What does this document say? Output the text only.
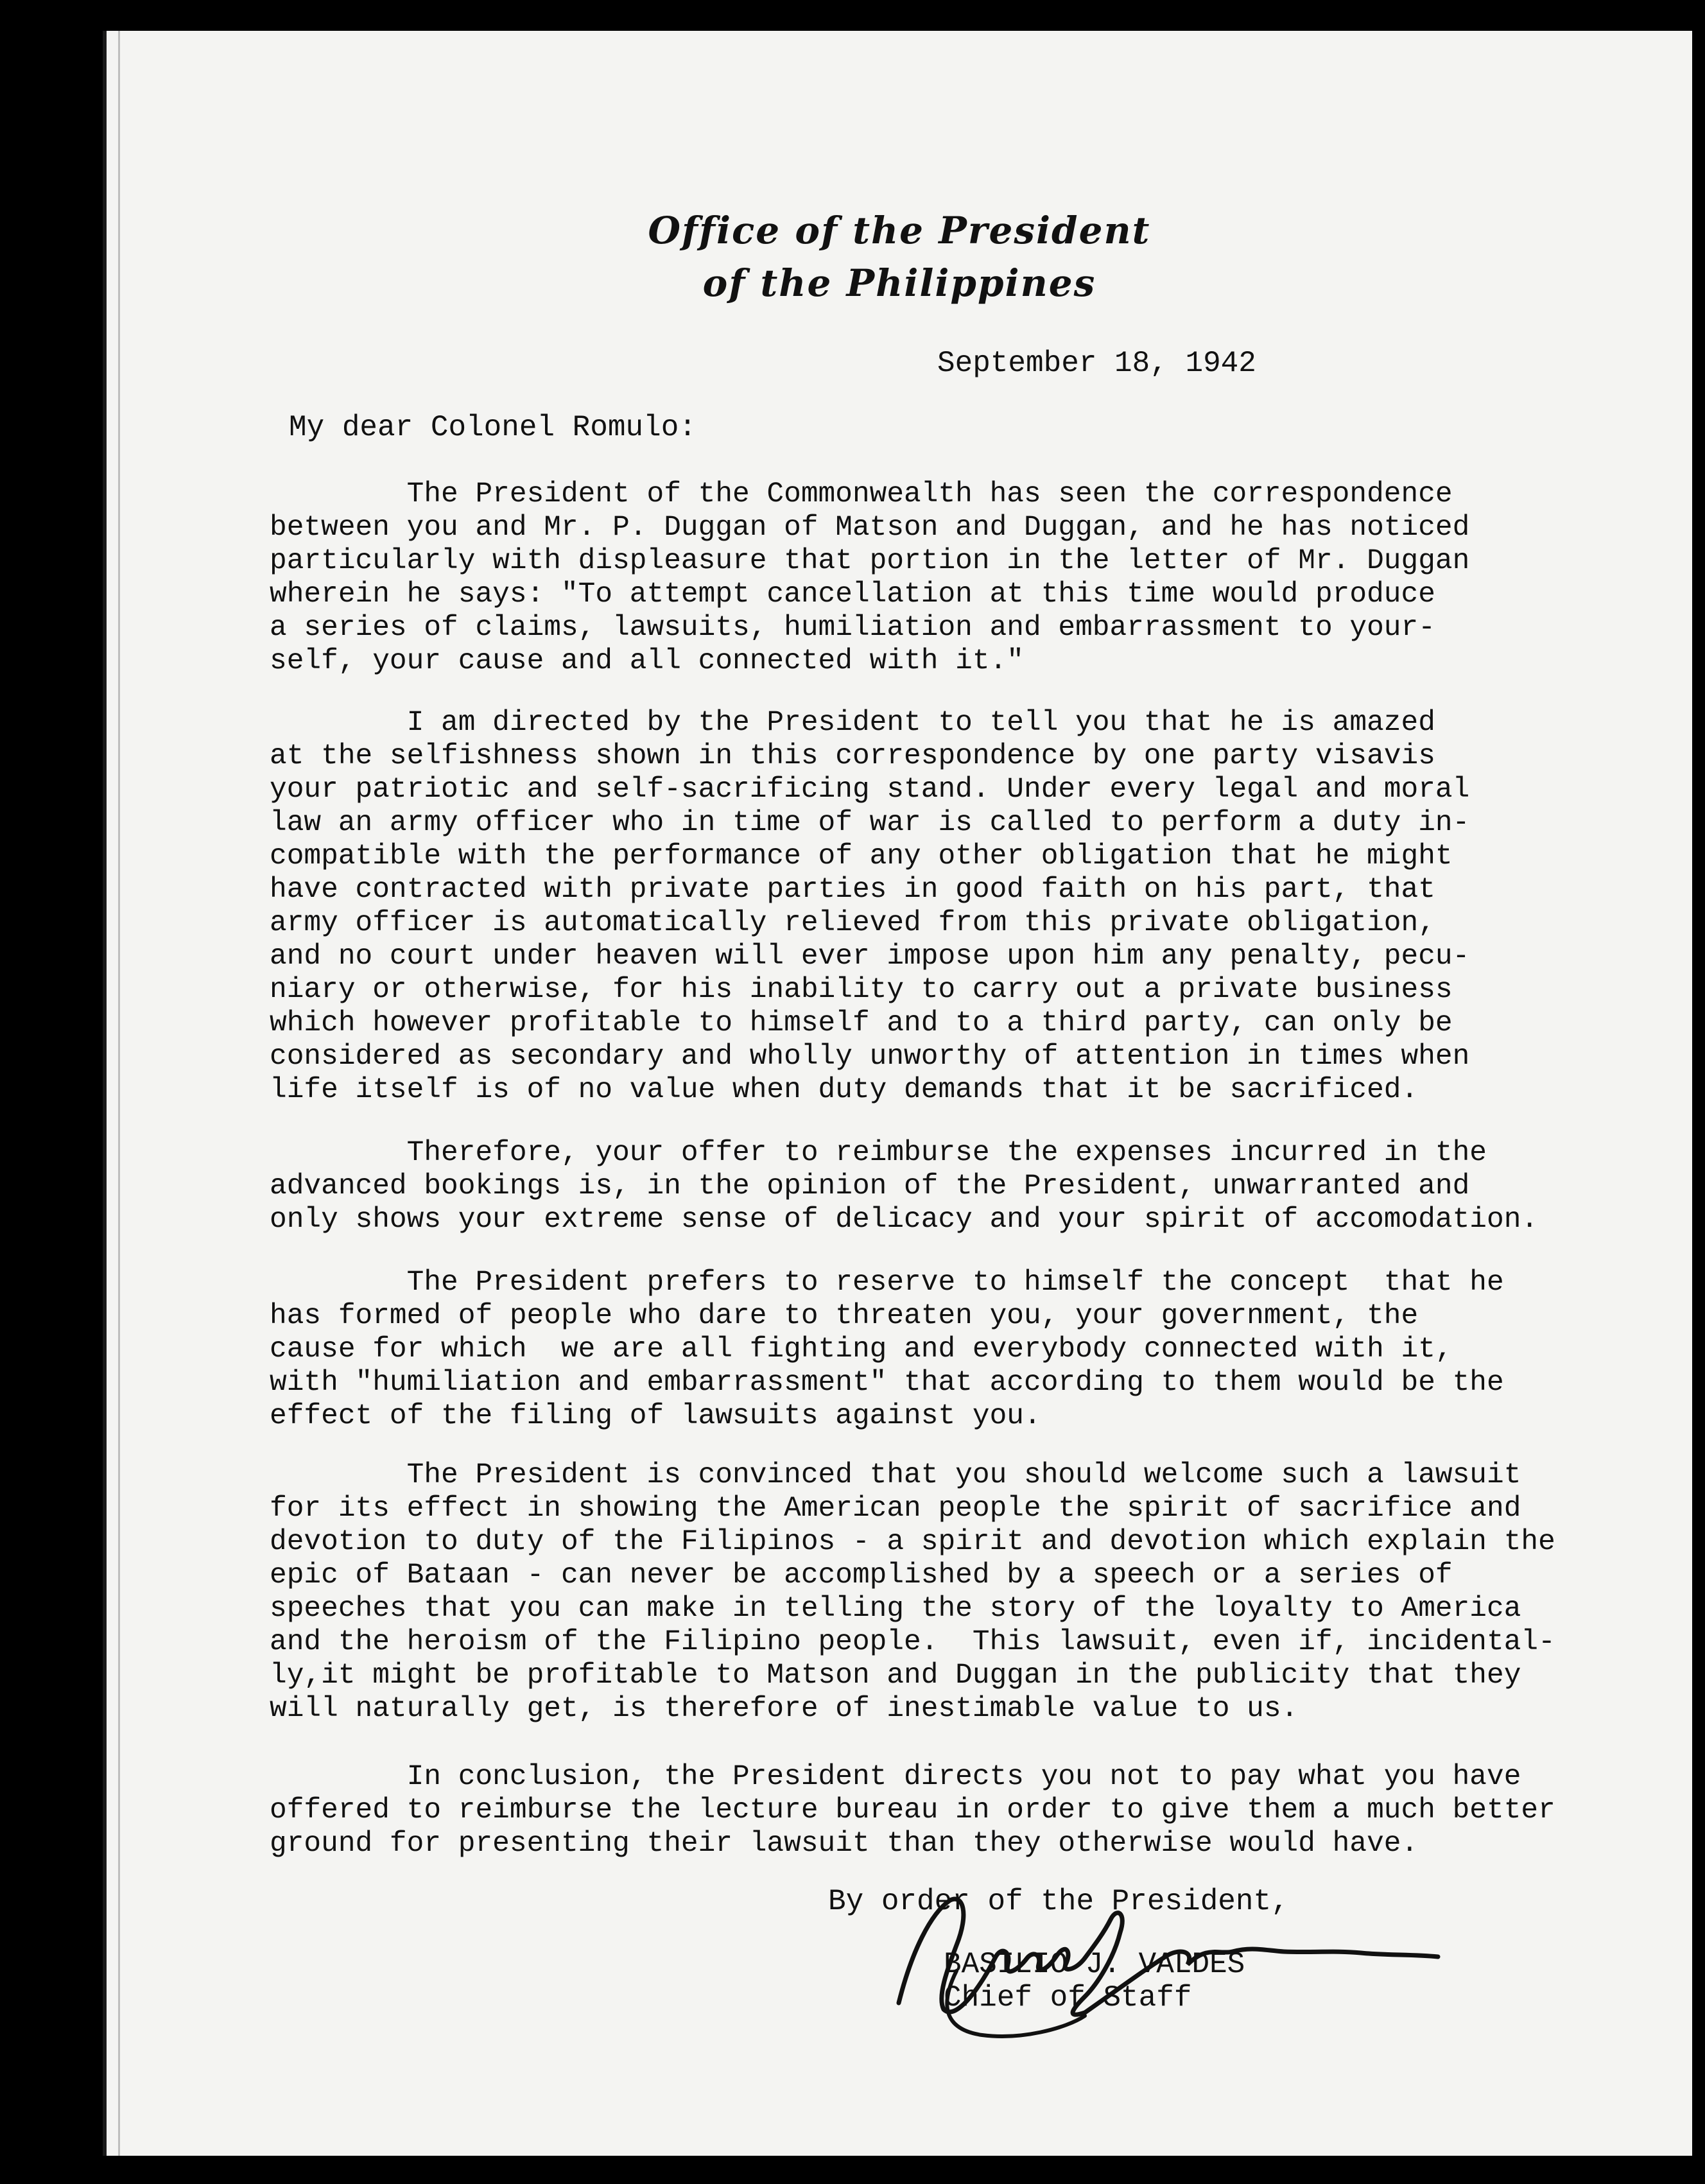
Office of the President
of the Philippines
September 18, 1942
My dear Colonel Romulo:
The President of the Commonwealth has seen the correspondence
between you and Mr. P. Duggan of Matson and Duggan, and he has noticed
particularly with displeasure that portion in the letter of Mr. Duggan
wherein he says: "To attempt cancellation at this time would produce
a series of claims, lawsuits, humiliation and embarrassment to your-
self, your cause and all connected with it."
I am directed by the President to tell you that he is amazed
at the selfishness shown in this correspondence by one party visavis
your patriotic and self-sacrificing stand. Under every legal and moral
law an army officer who in time of war is called to perform a duty in-
compatible with the performance of any other obligation that he might
have contracted with private parties in good faith on his part, that
army officer is automatically relieved from this private obligation,
and no court under heaven will ever impose upon him any penalty, pecu-
niary or otherwise, for his inability to carry out a private business
which however profitable to himself and to a third party, can only be
considered as secondary and wholly unworthy of attention in times when
life itself is of no value when duty demands that it be sacrificed.
Therefore, your offer to reimburse the expenses incurred in the
advanced bookings is, in the opinion of the President, unwarranted and
only shows your extreme sense of delicacy and your spirit of accomodation.
The President prefers to reserve to himself the concept  that he
has formed of people who dare to threaten you, your government, the
cause for which  we are all fighting and everybody connected with it,
with "humiliation and embarrassment" that according to them would be the
effect of the filing of lawsuits against you.
The President is convinced that you should welcome such a lawsuit
for its effect in showing the American people the spirit of sacrifice and
devotion to duty of the Filipinos - a spirit and devotion which explain the
epic of Bataan - can never be accomplished by a speech or a series of
speeches that you can make in telling the story of the loyalty to America
and the heroism of the Filipino people.  This lawsuit, even if, incidental-
ly,it might be profitable to Matson and Duggan in the publicity that they
will naturally get, is therefore of inestimable value to us.
In conclusion, the President directs you not to pay what you have
offered to reimburse the lecture bureau in order to give them a much better
ground for presenting their lawsuit than they otherwise would have.
By order of the President,
BASILIO J. VALDES
Chief of Staff
